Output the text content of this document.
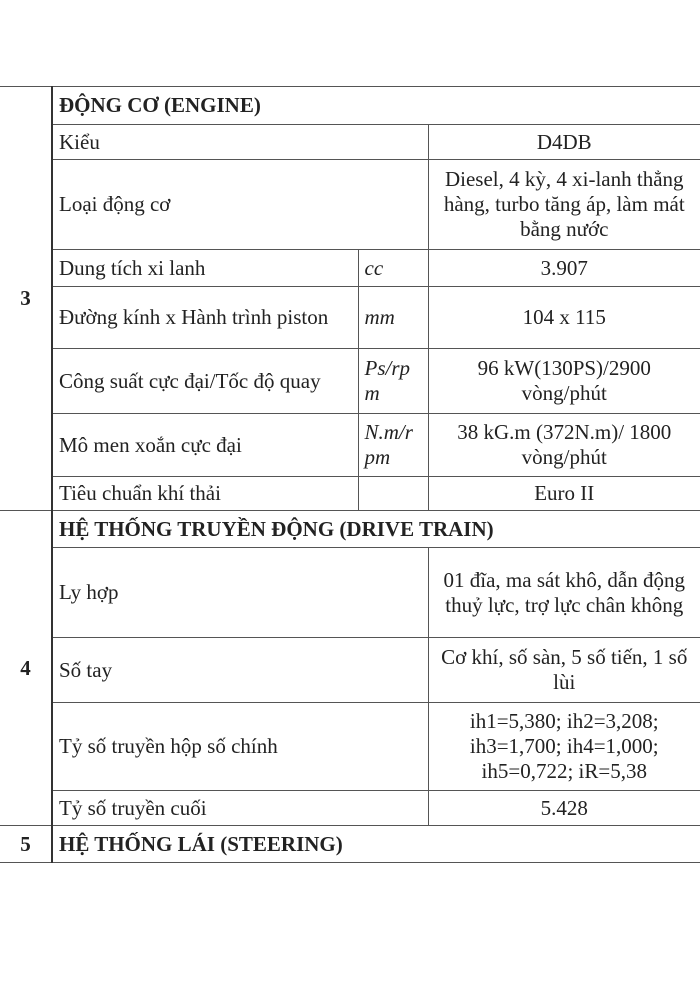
3	ĐỘNG CƠ (ENGINE)		
	Kiểu		D4DB
	Loại động cơ		Diesel, 4 kỳ, 4 xi-lanh thẳng hàng, turbo tăng áp, làm mát bằng nước
	Dung tích xi lanh	cc	3.907
	Đường kính x Hành trình piston	mm	104 x 115
	Công suất cực đại/Tốc độ quay	Ps/rpm	96 kW(130PS)/2900 vòng/phút
	Mô men xoắn cực đại	N.m/rpm	38 kG.m (372N.m)/ 1800 vòng/phút
	Tiêu chuẩn khí thải		Euro II

4	HỆ THỐNG TRUYỀN ĐỘNG (DRIVE TRAIN)		
	Ly hợp		01 đĩa, ma sát khô, dẫn động thuỷ lực, trợ lực chân không
	Số tay		Cơ khí, số sàn, 5 số tiến, 1 số lùi
	Tỷ số truyền hộp số chính		ih1=5,380; ih2=3,208; ih3=1,700; ih4=1,000; ih5=0,722; iR=5,38
	Tỷ số truyền cuối		5.428
5	HỆ THỐNG LÁI (STEERING)		
